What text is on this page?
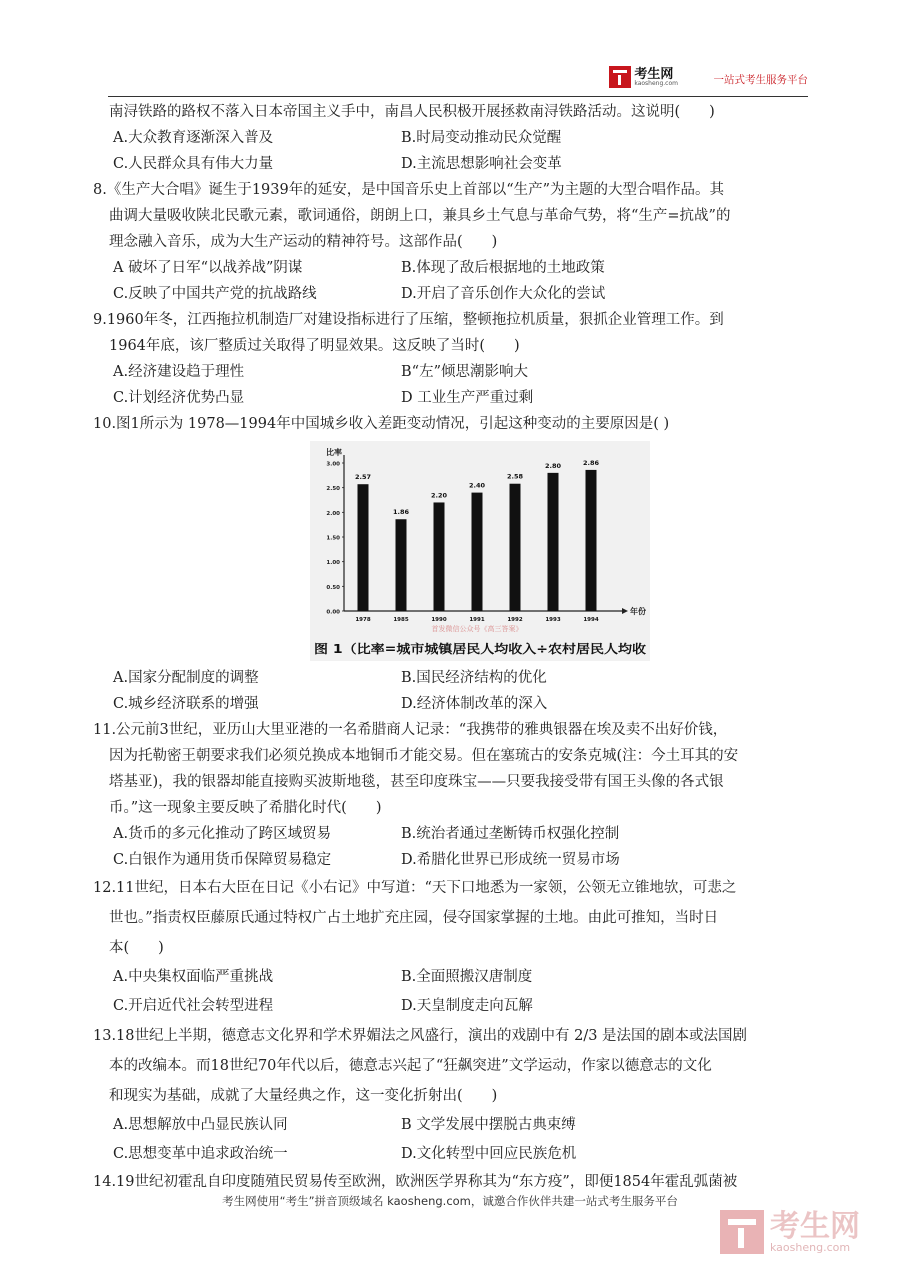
考生网
kaosheng.com	一站式考生服务平台

南浔铁路的路权不落入日本帝国主义手中，南昌人民积极开展拯救南浔铁路活动。这说明(　　)

A.大众教育逐渐深入普及	B.时局变动推动民众觉醒
C.人民群众具有伟大力量	D.主流思想影响社会变革

8.《生产大合唱》诞生于1939年的延安，是中国音乐史上首部以“生产”为主题的大型合唱作品。其

曲调大量吸收陕北民歌元素，歌词通俗，朗朗上口，兼具乡土气息与革命气势，将“生产=抗战”的

理念融入音乐，成为大生产运动的精神符号。这部作品(　　)

A 破坏了日军“以战养战”阴谋	B.体现了敌后根据地的土地政策
C.反映了中国共产党的抗战路线	D.开启了音乐创作大众化的尝试

9.1960年冬，江西拖拉机制造厂对建设指标进行了压缩，整顿拖拉机质量，狠抓企业管理工作。到

1964年底，该厂整质过关取得了明显效果。这反映了当时(　　)

A.经济建设趋于理性	B“左”倾思潮影响大
C.计划经济优势凸显	D 工业生产严重过剩

10.图1所示为 1978—1994年中国城乡收入差距变动情况，引起这种变动的主要原因是( )

比率
年份
0.00
0.50
1.00
1.50
2.00
2.50
3.00
2.57
1978
1.86
1985
2.20
1990
2.40
1991
2.58
1992
2.80
1993
2.86
1994
首发微信公众号《高三答案》
图 1（比率=城市城镇居民人均收入÷农村居民人均收
A.国家分配制度的调整	B.国民经济结构的优化
C.城乡经济联系的增强	D.经济体制改革的深入

11.公元前3世纪，亚历山大里亚港的一名希腊商人记录：“我携带的雅典银器在埃及卖不出好价钱，

因为托勒密王朝要求我们必须兑换成本地铜币才能交易。但在塞琉古的安条克城(注：今土耳其的安

塔基亚)，我的银器却能直接购买波斯地毯，甚至印度珠宝——只要我接受带有国王头像的各式银

币。”这一现象主要反映了希腊化时代(　　)

A.货币的多元化推动了跨区域贸易	B.统治者通过垄断铸币权强化控制
C.白银作为通用货币保障贸易稳定	D.希腊化世界已形成统一贸易市场

12.11世纪，日本右大臣在日记《小右记》中写道：“天下口地悉为一家领，公领无立锥地欤，可悲之

世也。”指责权臣藤原氏通过特权广占土地扩充庄园，侵夺国家掌握的土地。由此可推知，当时日

本(　　)

A.中央集权面临严重挑战	B.全面照搬汉唐制度
C.开启近代社会转型进程	D.天皇制度走向瓦解

13.18世纪上半期，德意志文化界和学术界媚法之风盛行，演出的戏剧中有 2/3 是法国的剧本或法国剧

本的改编本。而18世纪70年代以后，德意志兴起了“狂飙突进”文学运动，作家以德意志的文化

和现实为基础，成就了大量经典之作，这一变化折射出(　　)

A.思想解放中凸显民族认同	B 文学发展中摆脱古典束缚
C.思想变革中追求政治统一	D.文化转型中回应民族危机

14.19世纪初霍乱自印度随殖民贸易传至欧洲，欧洲医学界称其为“东方疫”，即便1854年霍乱弧菌被

考生网使用“考生”拼音顶级域名 kaosheng.com，诚邀合作伙伴共建一站式考生服务平台
考生网
kaosheng.com
